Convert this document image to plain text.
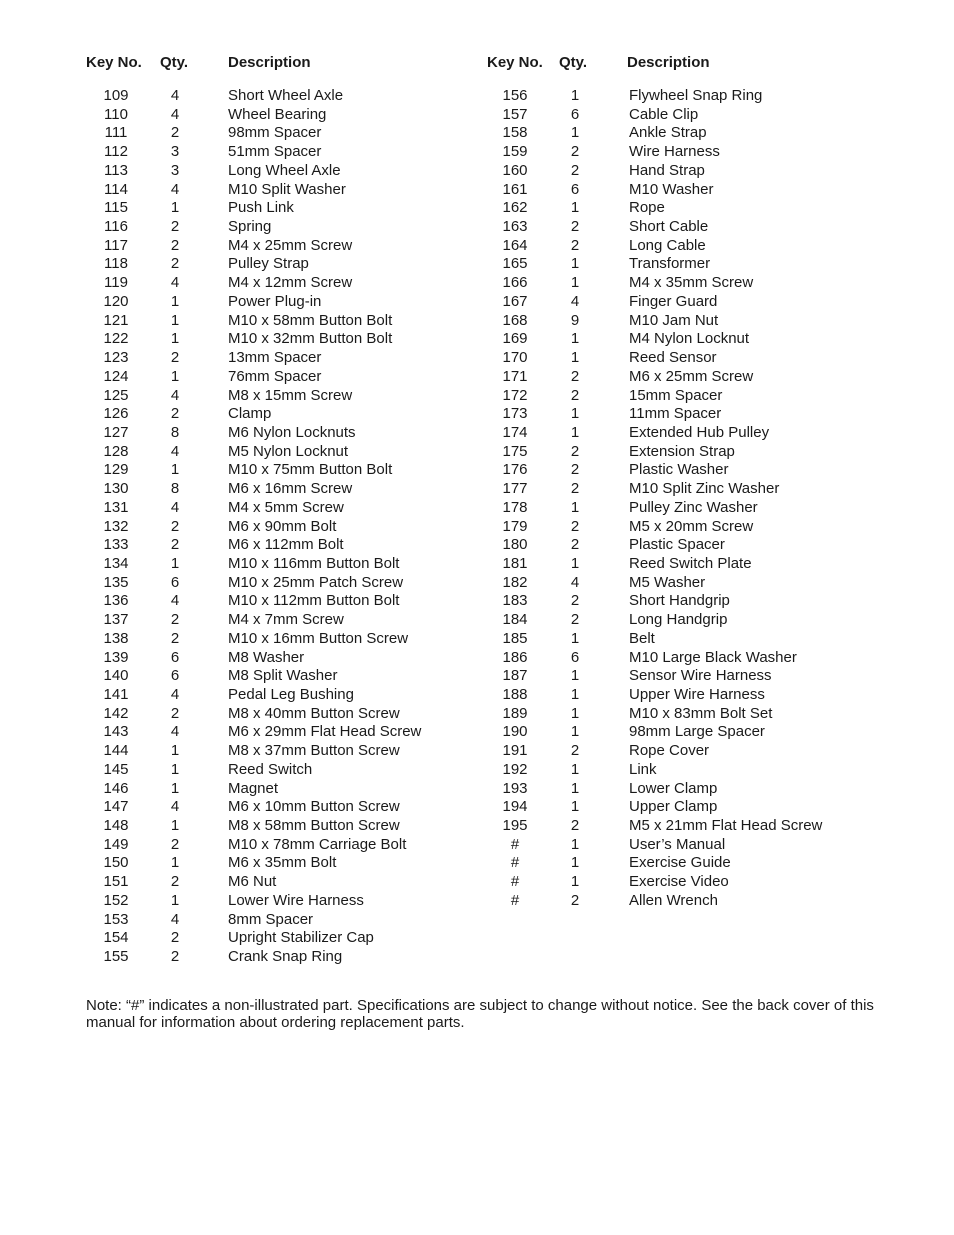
Key No. Qty.	Description
109	4	Short Wheel Axle
110	4	Wheel Bearing
111	2	98mm Spacer
112	3	51mm Spacer
113	3	Long Wheel Axle
114	4	M10 Split Washer
115	1	Push Link
116	2	Spring
117	2	M4 x 25mm Screw
118	2	Pulley Strap
119	4	M4 x 12mm Screw
120	1	Power Plug-in
121	1	M10 x 58mm Button Bolt
122	1	M10 x 32mm Button Bolt
123	2	13mm Spacer
124	1	76mm Spacer
125	4	M8 x 15mm Screw
126	2	Clamp
127	8	M6 Nylon Locknuts
128	4	M5 Nylon Locknut
129	1	M10 x 75mm Button Bolt
130	8	M6 x 16mm Screw
131	4	M4 x 5mm Screw
132	2	M6 x 90mm Bolt
133	2	M6 x 112mm Bolt
134	1	M10 x 116mm Button Bolt
135	6	M10 x 25mm Patch Screw
136	4	M10 x 112mm Button Bolt
137	2	M4 x 7mm Screw
138	2	M10 x 16mm Button Screw
139	6	M8 Washer
140	6	M8 Split Washer
141	4	Pedal Leg Bushing
142	2	M8 x 40mm Button Screw
143	4	M6 x 29mm Flat Head Screw
144	1	M8 x 37mm Button Screw
145	1	Reed Switch
146	1	Magnet
147	4	M6 x 10mm Button Screw
148	1	M8 x 58mm Button Screw
149	2	M10 x 78mm Carriage Bolt
150	1	M6 x 35mm Bolt
151	2	M6 Nut
152	1	Lower Wire Harness
153	4	8mm Spacer
154	2	Upright Stabilizer Cap
155	2	Crank Snap Ring
Key No. Qty.	Description
156	1	Flywheel Snap Ring
157	6	Cable Clip
158	1	Ankle Strap
159	2	Wire Harness
160	2	Hand Strap
161	6	M10 Washer
162	1	Rope
163	2	Short Cable
164	2	Long Cable
165	1	Transformer
166	1	M4 x 35mm Screw
167	4	Finger Guard
168	9	M10 Jam Nut
169	1	M4 Nylon Locknut
170	1	Reed Sensor
171	2	M6 x 25mm Screw
172	2	15mm Spacer
173	1	11mm Spacer
174	1	Extended Hub Pulley
175	2	Extension Strap
176	2	Plastic Washer
177	2	M10 Split Zinc Washer
178	1	Pulley Zinc Washer
179	2	M5 x 20mm Screw
180	2	Plastic Spacer
181	1	Reed Switch Plate
182	4	M5 Washer
183	2	Short Handgrip
184	2	Long Handgrip
185	1	Belt
186	6	M10 Large Black Washer
187	1	Sensor Wire Harness
188	1	Upper Wire Harness
189	1	M10 x 83mm Bolt Set
190	1	98mm Large Spacer
191	2	Rope Cover
192	1	Link
193	1	Lower Clamp
194	1	Upper Clamp
195	2	M5 x 21mm Flat Head Screw
#	1	User’s Manual
#	1	Exercise Guide
#	1	Exercise Video
#	2	Allen Wrench
Note: “#” indicates a non-illustrated part. Specifications are subject to change without notice. See the back cover of this manual for information about ordering replacement parts.
